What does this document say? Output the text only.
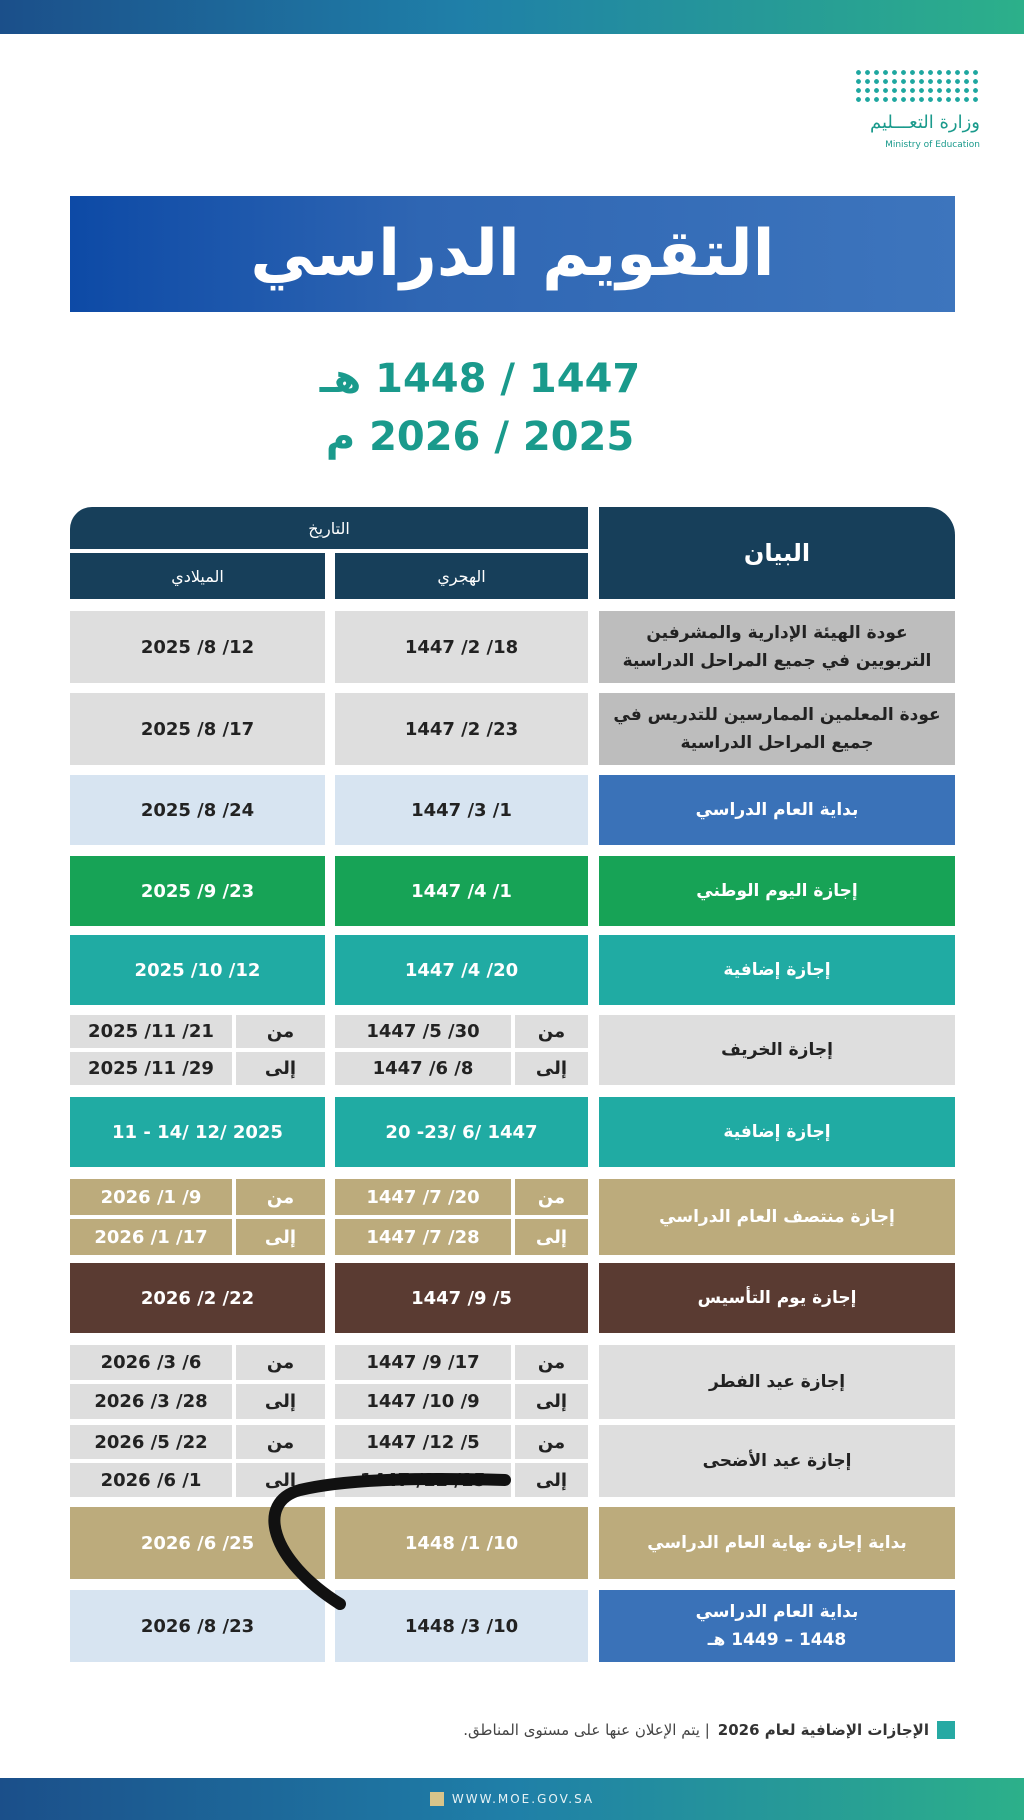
وزارة التعـــليم
Ministry of Education
التقويم الدراسي
1447 / 1448 هـ
2025 / 2026 م
البيان
التاريخ
الهجري
الميلادي
عودة الهيئة الإدارية والمشرفين التربويين في جميع المراحل الدراسية
1447 /2 /18
2025 /8 /12
عودة المعلمين الممارسين للتدريس في جميع المراحل الدراسية
1447 /2 /23
2025 /8 /17
بداية العام الدراسي
1447 /3 /1
2025 /8 /24
إجازة اليوم الوطني
1447 /4 /1
2025 /9 /23
إجازة إضافية
1447 /4 /20
2025 /10 /12
إجازة الخريف
من
1447 /5 /30
إلى
1447 /6 /8
من
2025 /11 /21
إلى
2025 /11 /29
إجازة إضافية
20 -23/ 6/ 1447
11 - 14/ 12/ 2025
إجازة منتصف العام الدراسي
من
1447 /7 /20
إلى
1447 /7 /28
من
2026 /1 /9
إلى
2026 /1 /17
إجازة يوم التأسيس
1447 /9 /5
2026 /2 /22
إجازة عيد الفطر
من
1447 /9 /17
إلى
1447 /10 /9
من
2026 /3 /6
إلى
2026 /3 /28
إجازة عيد الأضحى
من
1447 /12 /5
إلى
1447 /12 /15
من
2026 /5 /22
إلى
2026 /6 /1
بداية إجازة نهاية العام الدراسي
1448 /1 /10
2026 /6 /25
بداية العام الدراسي
1448 – 1449 هـ
1448 /3 /10
2026 /8 /23
الإجازات الإضافية لعام 2026
| يتم الإعلان عنها على مستوى المناطق.
WWW.MOE.GOV.SA
